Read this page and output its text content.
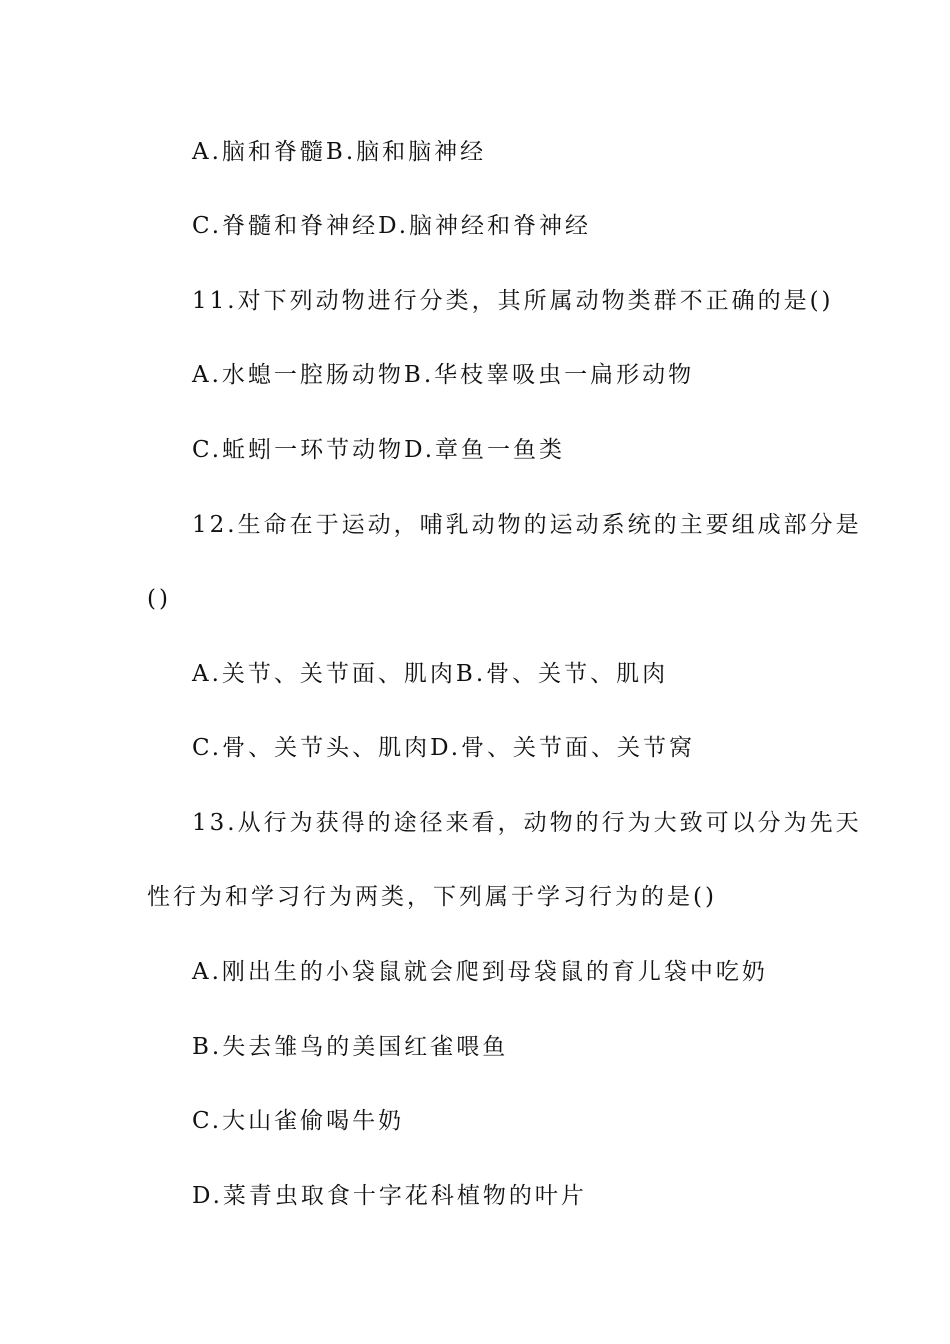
A.脑和脊髓B.脑和脑神经
C.脊髓和脊神经D.脑神经和脊神经
11.对下列动物进行分类，其所属动物类群不正确的是()
A.水螅一腔肠动物B.华枝睾吸虫一扁形动物
C.蚯蚓一环节动物D.章鱼一鱼类
12.生命在于运动，哺乳动物的运动系统的主要组成部分是
()
A.关节、关节面、肌肉B.骨、关节、肌肉
C.骨、关节头、肌肉D.骨、关节面、关节窝
13.从行为获得的途径来看，动物的行为大致可以分为先天
性行为和学习行为两类，下列属于学习行为的是()
A.刚出生的小袋鼠就会爬到母袋鼠的育儿袋中吃奶
B.失去雏鸟的美国红雀喂鱼
C.大山雀偷喝牛奶
D.菜青虫取食十字花科植物的叶片
